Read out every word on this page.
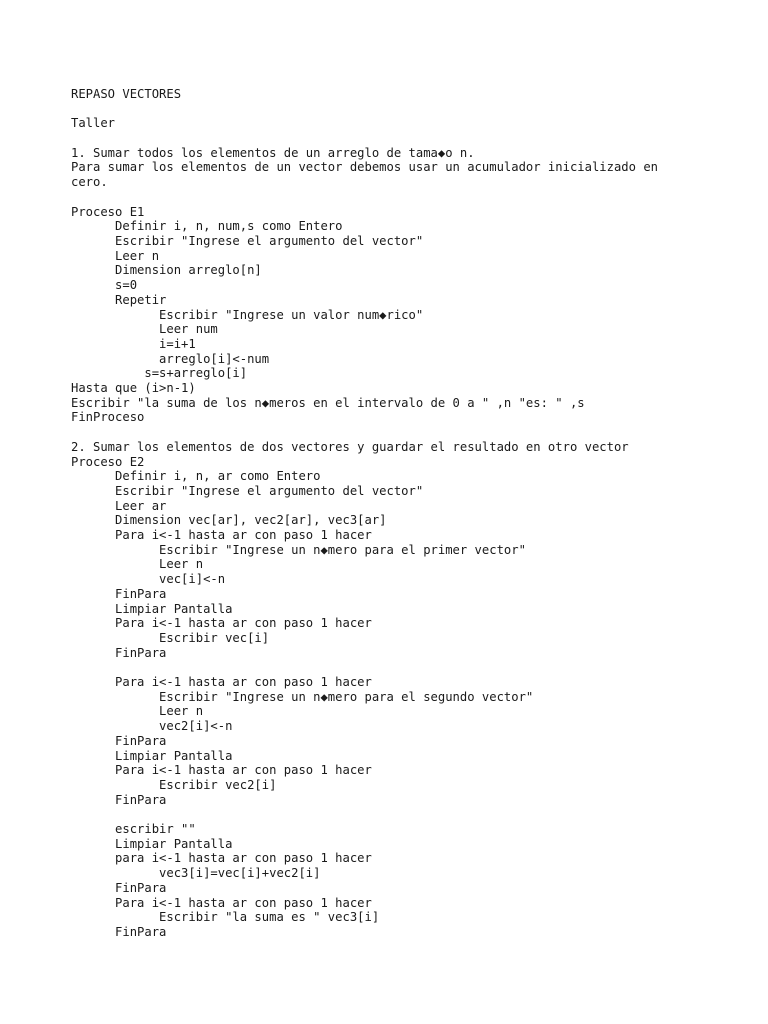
REPASO VECTORES
Taller
1. Sumar todos los elementos de un arreglo de tama◆o n.
Para sumar los elementos de un vector debemos usar un acumulador inicializado en
cero.
Proceso E1
Definir i, n, num,s como Entero
Escribir "Ingrese el argumento del vector"
Leer n
Dimension arreglo[n]
s=0
Repetir
Escribir "Ingrese un valor num◆rico"
Leer num
i=i+1
arreglo[i]<-num
s=s+arreglo[i]
Hasta que (i>n-1)
Escribir "la suma de los n◆meros en el intervalo de 0 a " ,n "es: " ,s
FinProceso
2. Sumar los elementos de dos vectores y guardar el resultado en otro vector
Proceso E2
Definir i, n, ar como Entero
Escribir "Ingrese el argumento del vector"
Leer ar
Dimension vec[ar], vec2[ar], vec3[ar]
Para i<-1 hasta ar con paso 1 hacer
Escribir "Ingrese un n◆mero para el primer vector"
Leer n
vec[i]<-n
FinPara
Limpiar Pantalla
Para i<-1 hasta ar con paso 1 hacer
Escribir vec[i]
FinPara
Para i<-1 hasta ar con paso 1 hacer
Escribir "Ingrese un n◆mero para el segundo vector"
Leer n
vec2[i]<-n
FinPara
Limpiar Pantalla
Para i<-1 hasta ar con paso 1 hacer
Escribir vec2[i]
FinPara
escribir ""
Limpiar Pantalla
para i<-1 hasta ar con paso 1 hacer
vec3[i]=vec[i]+vec2[i]
FinPara
Para i<-1 hasta ar con paso 1 hacer
Escribir "la suma es " vec3[i]
FinPara
